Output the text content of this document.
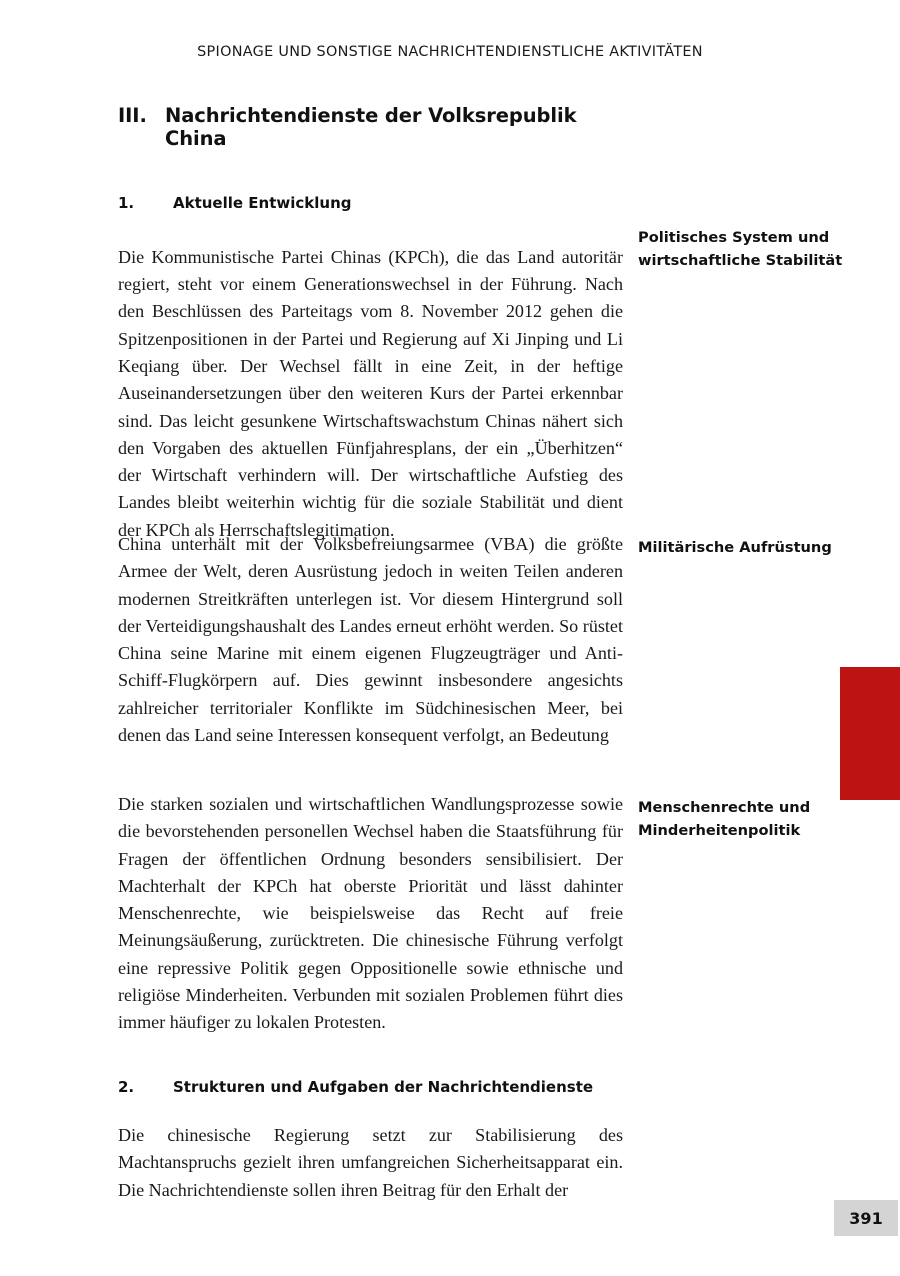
SPIONAGE UND SONSTIGE NACHRICHTENDIENSTLICHE AKTIVITÄTEN
III. Nachrichtendienste der Volksrepublik China
1.	Aktuelle Entwicklung

Die Kommunistische Partei Chinas (KPCh), die das Land autoritär regiert, steht vor einem Generationswechsel in der Führung. Nach den Beschlüssen des Parteitags vom 8. November 2012 gehen die Spitzenpositionen in der Partei und Regierung auf Xi Jinping und Li Keqiang über. Der Wechsel fällt in eine Zeit, in der heftige Auseinandersetzungen über den weiteren Kurs der Partei erkennbar sind. Das leicht gesunkene Wirtschaftswachstum Chinas nähert sich den Vorgaben des aktuellen Fünfjahresplans, der ein „Überhitzen“ der Wirtschaft verhindern will. Der wirtschaftliche Aufstieg des Landes bleibt weiterhin wichtig für die soziale Stabilität und dient der KPCh als Herrschaftslegitimation.

China unterhält mit der Volksbefreiungsarmee (VBA) die größte Armee der Welt, deren Ausrüstung jedoch in weiten Teilen anderen modernen Streitkräften unterlegen ist. Vor diesem Hintergrund soll der Verteidigungshaushalt des Landes erneut erhöht werden. So rüstet China seine Marine mit einem eigenen Flugzeugträger und Anti-Schiff-Flugkörpern auf. Dies gewinnt insbesondere angesichts zahlreicher territorialer Konflikte im Südchinesischen Meer, bei denen das Land seine Interessen konsequent verfolgt, an Bedeutung

Die starken sozialen und wirtschaftlichen Wandlungsprozesse sowie die bevorstehenden personellen Wechsel haben die Staatsführung für Fragen der öffentlichen Ordnung besonders sensibilisiert. Der Machterhalt der KPCh hat oberste Priorität und lässt dahinter Menschenrechte, wie beispielsweise das Recht auf freie Meinungsäußerung, zurücktreten. Die chinesische Führung verfolgt eine repressive Politik gegen Oppositionelle sowie ethnische und religiöse Minderheiten. Verbunden mit sozialen Problemen führt dies immer häufiger zu lokalen Protesten.

2.	Strukturen und Aufgaben der Nachrichtendienste

Die chinesische Regierung setzt zur Stabilisierung des Machtanspruchs gezielt ihren umfangreichen Sicherheitsapparat ein. Die Nachrichtendienste sollen ihren Beitrag für den Erhalt der

Politisches System und wirtschaftliche Stabilität
Militärische Aufrüstung
Menschenrechte und Minderheitenpolitik
391
